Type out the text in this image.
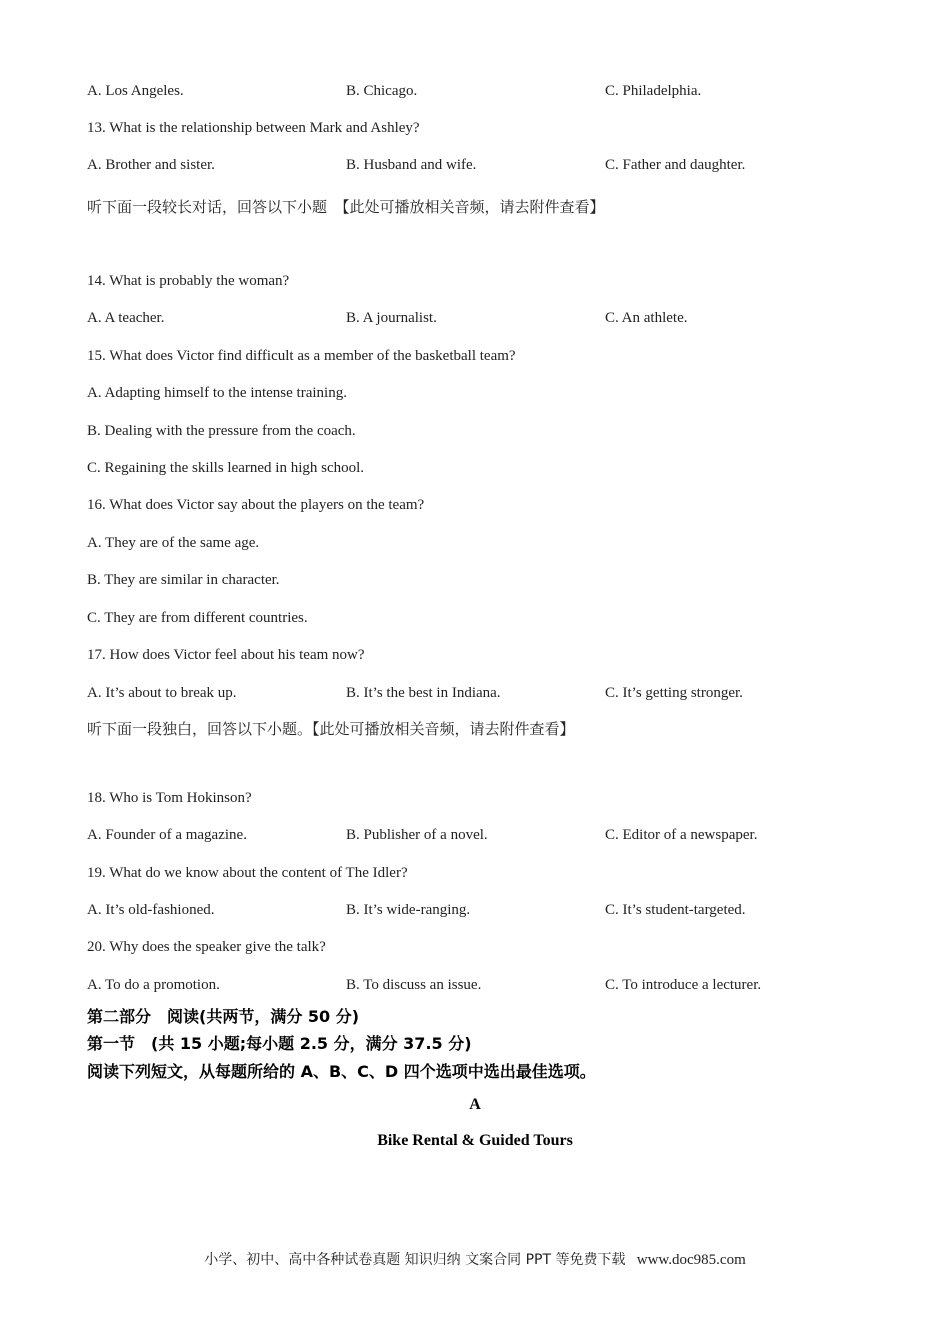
A. Los Angeles.	B. Chicago.	C. Philadelphia.
13. What is the relationship between Mark and Ashley?
A. Brother and sister.	B. Husband and wife.	C. Father and daughter.
听下面一段较长对话，回答以下小题　【此处可播放相关音频，请去附件查看】
14. What is probably the woman?
A. A teacher.	B. A journalist.	C. An athlete.
15. What does Victor find difficult as a member of the basketball team?
A. Adapting himself to the intense training.
B. Dealing with the pressure from the coach.
C. Regaining the skills learned in high school.
16. What does Victor say about the players on the team?
A. They are of the same age.
B. They are similar in character.
C. They are from different countries.
17. How does Victor feel about his team now?
A. It’s about to break up.	B. It’s the best in Indiana.	C. It’s getting stronger.
听下面一段独白，回答以下小题。【此处可播放相关音频，请去附件查看】
18. Who is Tom Hokinson?
A. Founder of a magazine.	B. Publisher of a novel.	C. Editor of a newspaper.
19. What do we know about the content of The Idler?
A. It’s old-fashioned.	B. It’s wide-ranging.	C. It’s student-targeted.
20. Why does the speaker give the talk?
A. To do a promotion.	B. To discuss an issue.	C. To introduce a lecturer.
第二部分　阅读(共两节，满分 50 分)
第一节　(共 15 小题;每小题 2.5 分，满分 37.5 分)
阅读下列短文，从每题所给的 A、B、C、D 四个选项中选出最佳选项。
A
Bike Rental & Guided Tours
小学、初中、高中各种试卷真题 知识归纳 文案合同 PPT 等免费下载 www.doc985.com
